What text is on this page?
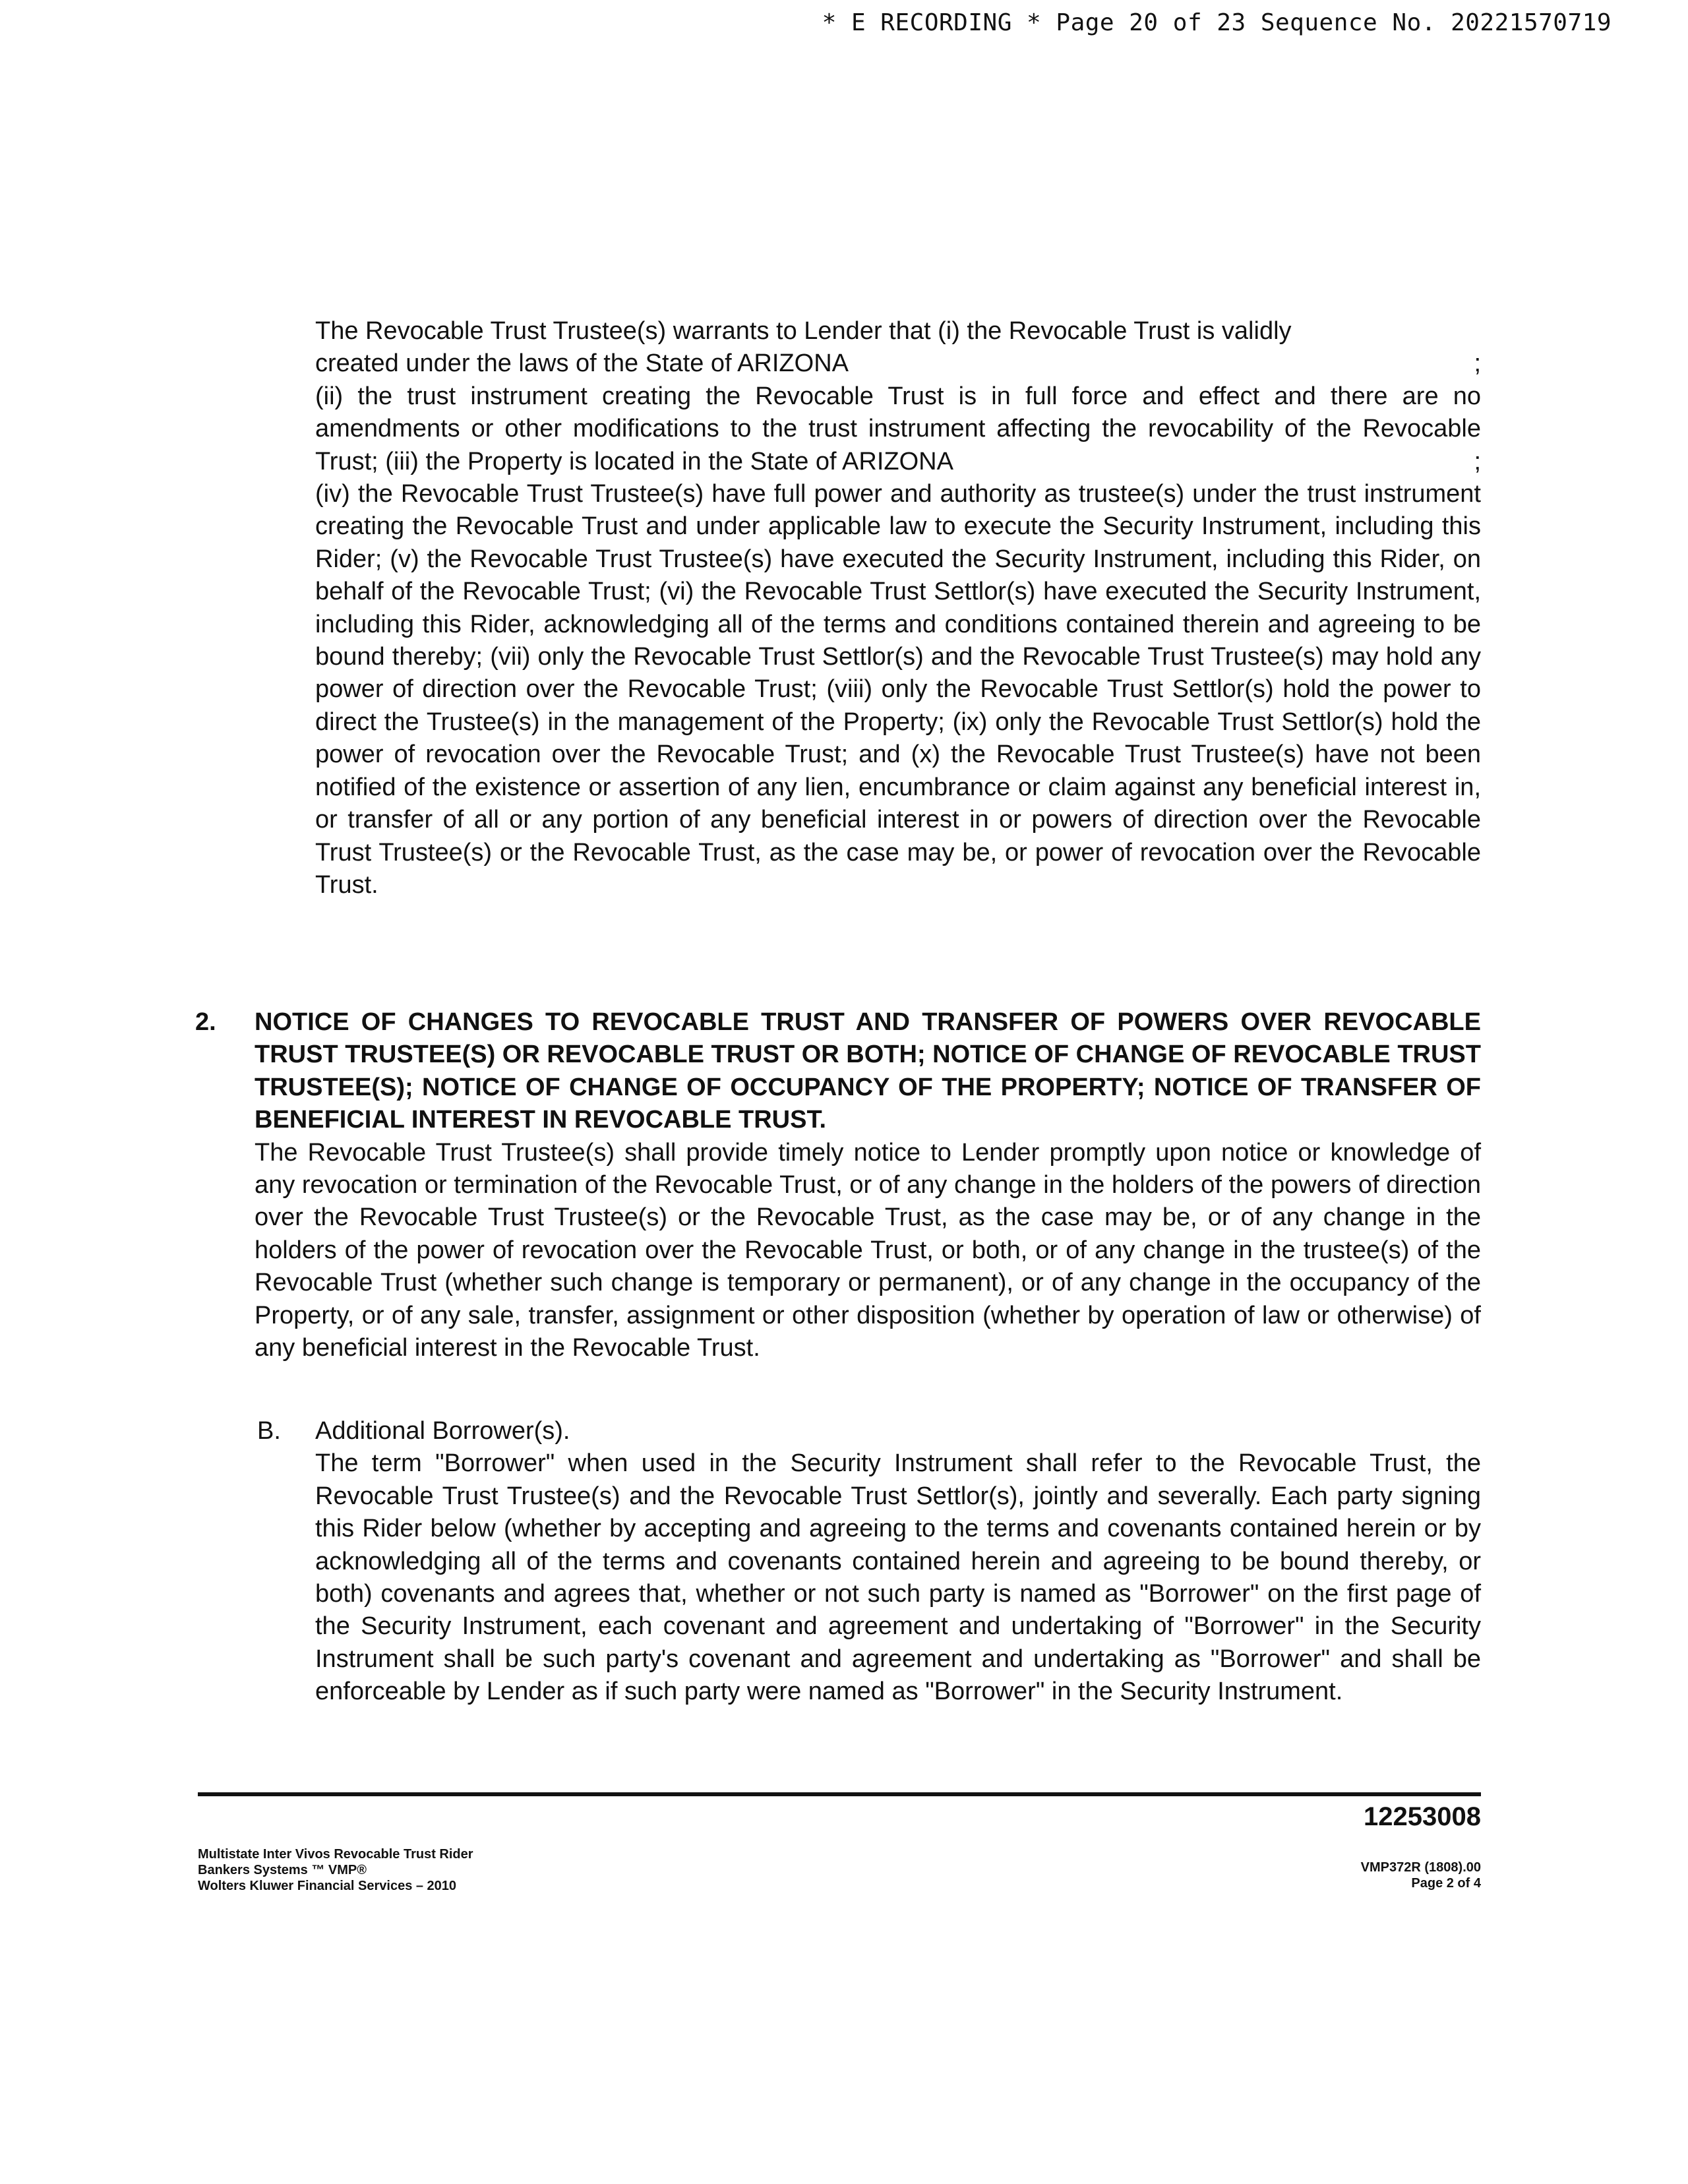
* E RECORDING * Page 20 of 23 Sequence No. 20221570719

The Revocable Trust Trustee(s) warrants to Lender that (i) the Revocable Trust is validly
;
created under the laws of the State of ARIZONA
(ii) the trust instrument creating the Revocable Trust is in full force and effect and there are no amendments or other modifications to the trust instrument affecting the revocability of the Revocable Trust; (iii) the Property is located in the State of ARIZONA	;
(iv) the Revocable Trust Trustee(s) have full power and authority as trustee(s) under the trust instrument creating the Revocable Trust and under applicable law to execute the Security Instrument, including this Rider; (v) the Revocable Trust Trustee(s) have executed the Security Instrument, including this Rider, on behalf of the Revocable Trust; (vi) the Revocable Trust Settlor(s) have executed the Security Instrument, including this Rider, acknowledging all of the terms and conditions contained therein and agreeing to be bound thereby; (vii) only the Revocable Trust Settlor(s) and the Revocable Trust Trustee(s) may hold any power of direction over the Revocable Trust; (viii) only the Revocable Trust Settlor(s) hold the power to direct the Trustee(s) in the management of the Property; (ix) only the Revocable Trust Settlor(s) hold the power of revocation over the Revocable Trust; and (x) the Revocable Trust Trustee(s) have not been notified of the existence or assertion of any lien, encumbrance or claim against any beneficial interest in, or transfer of all or any portion of any beneficial interest in or powers of direction over the Revocable Trust Trustee(s) or the Revocable Trust, as the case may be, or power of revocation over the Revocable Trust.

2. NOTICE OF CHANGES TO REVOCABLE TRUST AND TRANSFER OF POWERS OVER REVOCABLE TRUST TRUSTEE(S) OR REVOCABLE TRUST OR BOTH; NOTICE OF CHANGE OF REVOCABLE TRUST TRUSTEE(S); NOTICE OF CHANGE OF OCCUPANCY OF THE PROPERTY; NOTICE OF TRANSFER OF BENEFICIAL INTEREST IN REVOCABLE TRUST.

The Revocable Trust Trustee(s) shall provide timely notice to Lender promptly upon notice or knowledge of any revocation or termination of the Revocable Trust, or of any change in the holders of the powers of direction over the Revocable Trust Trustee(s) or the Revocable Trust, as the case may be, or of any change in the holders of the power of revocation over the Revocable Trust, or both, or of any change in the trustee(s) of the Revocable Trust (whether such change is temporary or permanent), or of any change in the occupancy of the Property, or of any sale, transfer, assignment or other disposition (whether by operation of law or otherwise) of any beneficial interest in the Revocable Trust.

B. Additional Borrower(s).

The term "Borrower" when used in the Security Instrument shall refer to the Revocable Trust, the Revocable Trust Trustee(s) and the Revocable Trust Settlor(s), jointly and severally. Each party signing this Rider below (whether by accepting and agreeing to the terms and covenants contained herein or by acknowledging all of the terms and covenants contained herein and agreeing to be bound thereby, or both) covenants and agrees that, whether or not such party is named as "Borrower" on the first page of the Security Instrument, each covenant and agreement and undertaking of "Borrower" in the Security Instrument shall be such party's covenant and agreement and undertaking as "Borrower" and shall be enforceable by Lender as if such party were named as "Borrower" in the Security Instrument.

12253008

Multistate Inter Vivos Revocable Trust Rider
Bankers Systems ™ VMP®
Wolters Kluwer Financial Services – 2010
VMP372R (1808).00
Page 2 of 4
